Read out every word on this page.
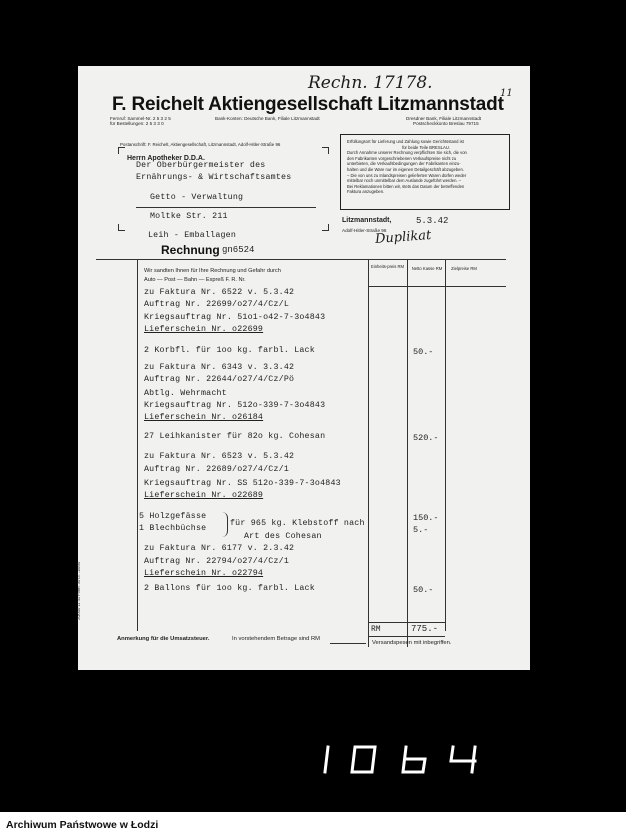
Rechn. 17178.
11
F. Reichelt Aktiengesellschaft Litzmannstadt
Fernruf: Sammel-Nr. 2 5 3 2 5
für Bestellungen: 2 5 3 3 0
Bank-Konten: Deutsche Bank, Filiale Litzmannstadt	Dresdner Bank, Filiale Litzmannstadt
Postscheckkonto Breslau 79715
Erfüllungsort für Lieferung und Zahlung sowie Gerichtsstand ist
für beide Teile BRESLAU.
Durch Annahme unserer Rechnung verpflichten Sie sich, die von
den Fabrikanten vorgeschriebenen Verkaufspreise nicht zu
unterbieten, die Verkaufsbedingungen der Fabrikanten einzu-
halten und die Ware nur im eigenen Detailgeschäft abzugeben.
– Die von uns zu Inlandspreisen gelieferten Waren dürfen weder
mittelbar noch unmittelbar dem Auslande zugeführt werden. –
Bei Reklamationen bitten wir, stets das Datum der betreffenden
Faktura anzugeben.
Postanschrift: F. Reichelt, Aktiengesellschaft, Litzmannstadt, Adolf-Hitler-Straße 96
Herrn Apotheker D.D.A.
Der Oberbürgermeister des
Ernährungs- & Wirtschaftsamtes
Getto - Verwaltung
Moltke Str. 211
Leih - Emballagen
Litzmannstadt,	5.3.42
Adolf-Hitler-Straße 96
Duplikat
Rechnung gn6524
Wir sandten Ihnen für Ihre Rechnung und Gefahr durch
Auto — Post — Bahn — Expreß F. R. Nr.
Einheits-preis RM	Netto Kasse RM	Zielpreise RM
zu Faktura Nr. 6522 v. 5.3.42
Auftrag Nr. 22699/o27/4/Cz/L
Kriegsauftrag Nr. 51o1-o42-7-3o4843
Lieferschein Nr. o22699
2 Korbfl. für 1oo kg. farbl. Lack	50.-
zu Faktura Nr. 6343 v. 3.3.42
Auftrag Nr. 22644/o27/4/Cz/Pö
Abtlg. Wehrmacht
Kriegsauftrag Nr. 512o-339-7-3o4843
Lieferschein Nr. o26184
27 Leihkanister für 82o kg. Cohesan	520.-
zu Faktura Nr. 6523 v. 5.3.42
Auftrag Nr. 22689/o27/4/Cz/1
Kriegsauftrag Nr. SS 512o-339-7-3o4843
Lieferschein Nr. o22689
5 Holzgefässe	150.-
1 Blechbüchse	5.-
für 965 kg. Klebstoff nach
Art des Cohesan
zu Faktura Nr. 6177 v. 2.3.42
Auftrag Nr. 22794/o27/4/Cz/1
Lieferschein Nr. o22794
2 Ballons für 1oo kg. farbl. Lack	50.-
RM	775.-
Anmerkung für die Umsatzsteuer.	In vorstehendem Betrage sind RM
Versandspesen mit inbegriffen.
20/000 11 41 Form. 30 Lt. -18/30
Archiwum Państwowe w Łodzi
